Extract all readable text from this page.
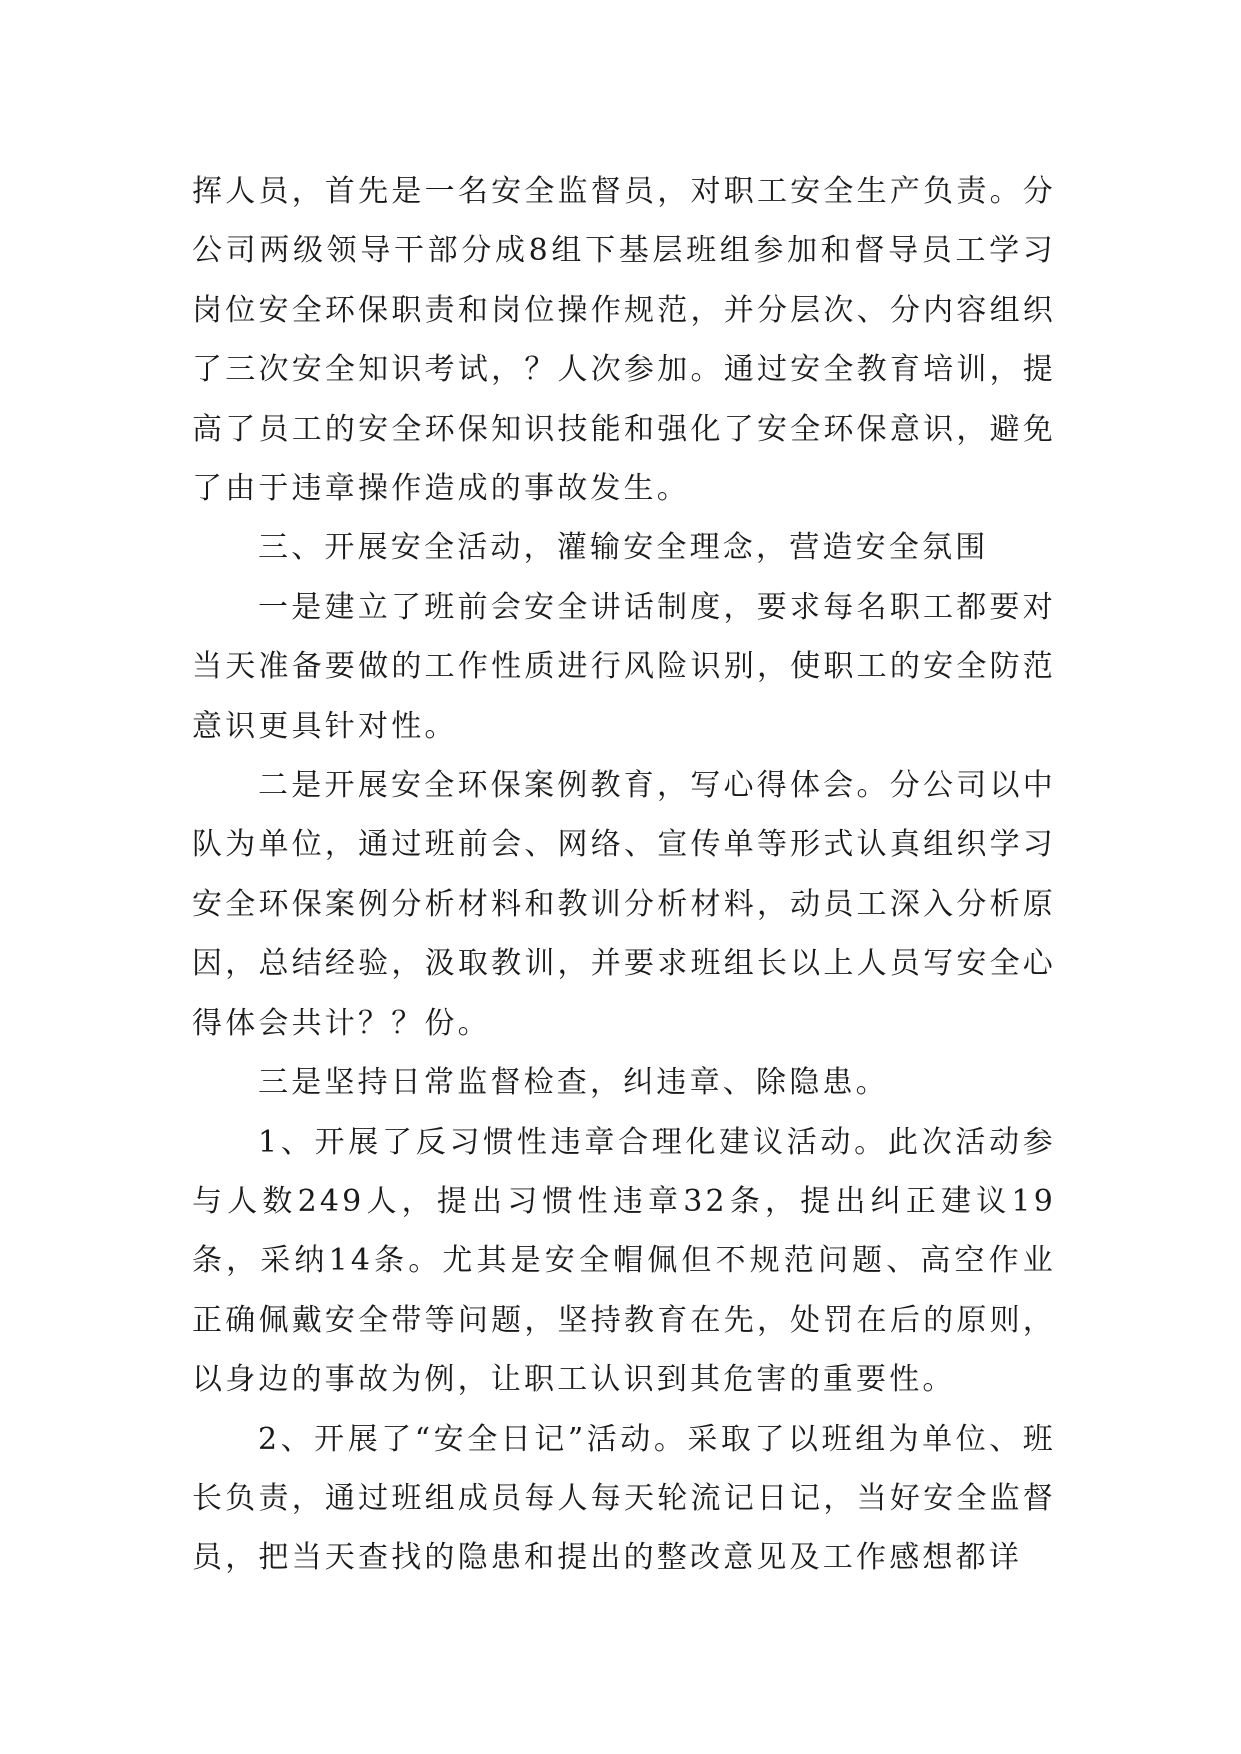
挥人员，首先是一名安全监督员，对职工安全生产负责。分公司两级领导干部分成8组下基层班组参加和督导员工学习岗位安全环保职责和岗位操作规范，并分层次、分内容组织了三次安全知识考试，？人次参加。通过安全教育培训，提高了员工的安全环保知识技能和强化了安全环保意识，避免了由于违章操作造成的事故发生。

三、开展安全活动，灌输安全理念，营造安全氛围

一是建立了班前会安全讲话制度，要求每名职工都要对当天准备要做的工作性质进行风险识别，使职工的安全防范意识更具针对性。

二是开展安全环保案例教育，写心得体会。分公司以中队为单位，通过班前会、网络、宣传单等形式认真组织学习安全环保案例分析材料和教训分析材料，动员工深入分析原因，总结经验，汲取教训，并要求班组长以上人员写安全心得体会共计？？份。

三是坚持日常监督检查，纠违章、除隐患。

1、开展了反习惯性违章合理化建议活动。此次活动参与人数249人，提出习惯性违章32条，提出纠正建议19条，采纳14条。尤其是安全帽佩但不规范问题、高空作业正确佩戴安全带等问题，坚持教育在先，处罚在后的原则，以身边的事故为例，让职工认识到其危害的重要性。

2、开展了“安全日记”活动。采取了以班组为单位、班长负责，通过班组成员每人每天轮流记日记，当好安全监督员，把当天查找的隐患和提出的整改意见及工作感想都详
